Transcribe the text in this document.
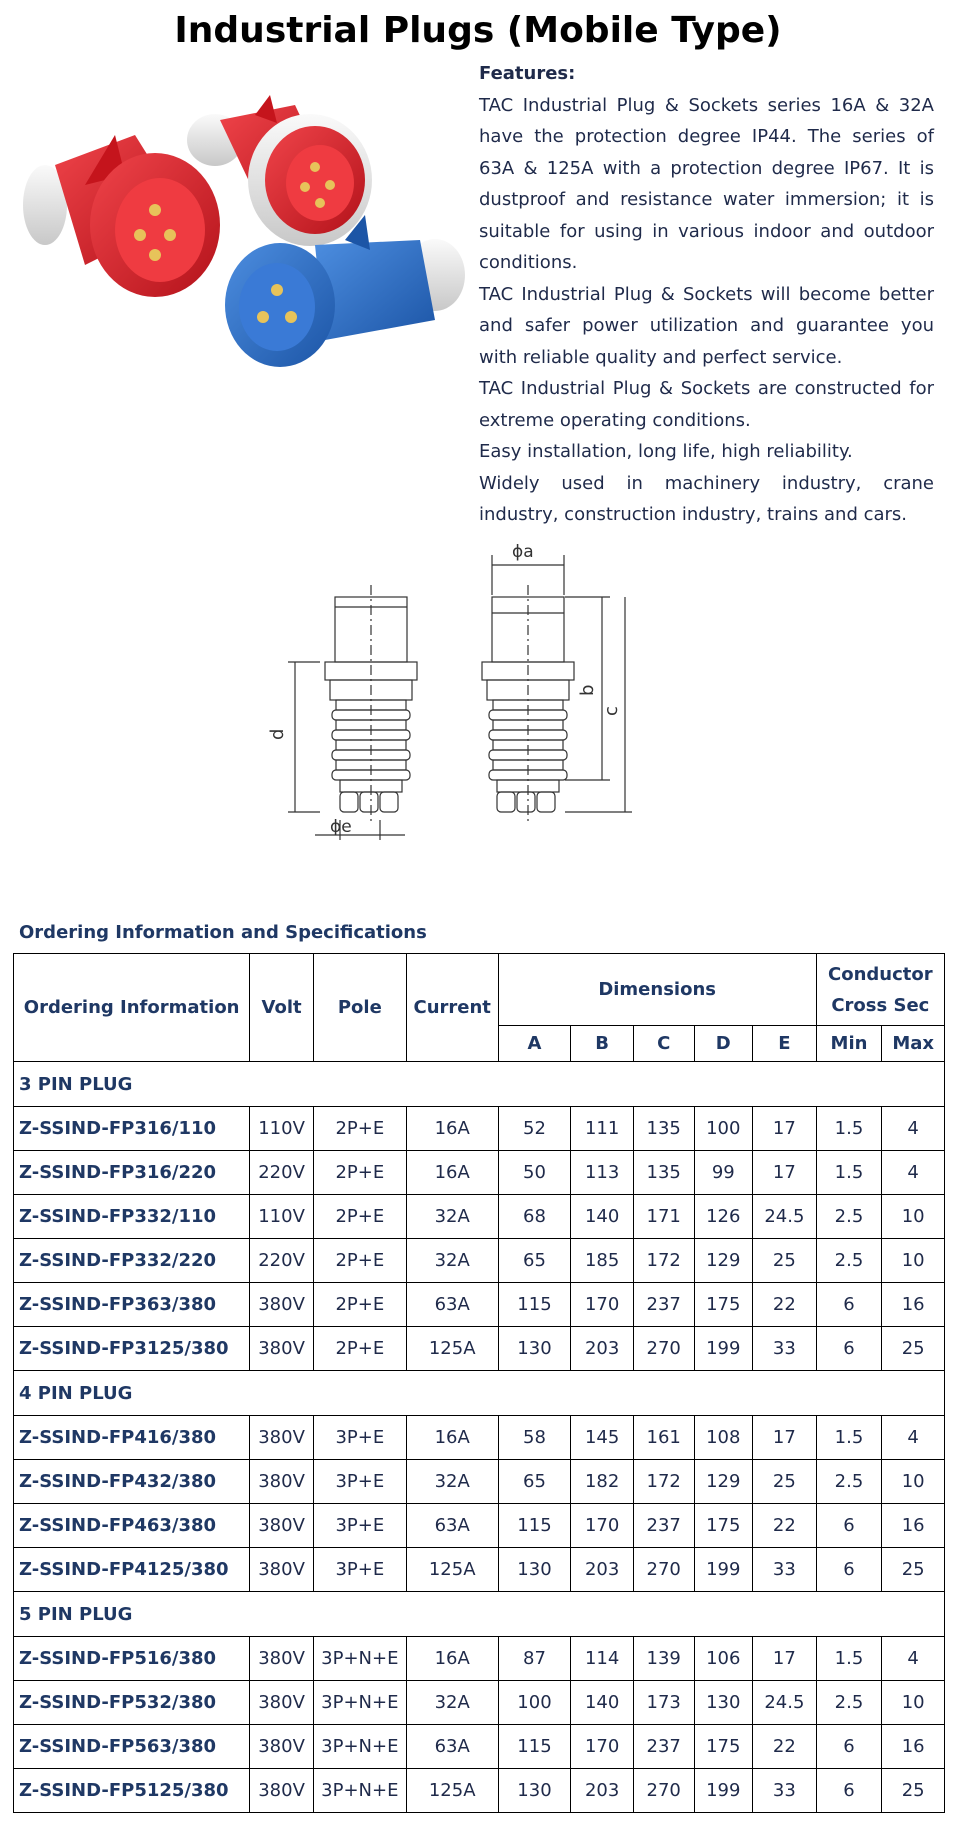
Industrial Plugs (Mobile Type)
Features:

TAC Industrial Plug & Sockets series 16A & 32A have the protection degree IP44. The series of 63A & 125A with a protection degree IP67. It is dustproof and resistance water immersion; it is suitable for using in various indoor and outdoor conditions.

TAC Industrial Plug & Sockets will become better and safer power utilization and guarantee you with reliable quality and perfect service.

TAC Industrial Plug & Sockets are constructed for extreme operating conditions.

Easy installation, long life, high reliability.

Widely used in machinery industry, crane industry, construction industry, trains and cars.

d
ϕe
ϕa
b
c
Ordering Information and Specifications
Ordering Information	Volt	Pole	Current	Dimensions					Conductor
Cross Sec	

				A	B	C	D	E	Min	Max
3 PIN PLUG										
Z-SSIND-FP316/110	110V	2P+E	16A	52	111	135	100	17	1.5	4
Z-SSIND-FP316/220	220V	2P+E	16A	50	113	135	99	17	1.5	4
Z-SSIND-FP332/110	110V	2P+E	32A	68	140	171	126	24.5	2.5	10
Z-SSIND-FP332/220	220V	2P+E	32A	65	185	172	129	25	2.5	10
Z-SSIND-FP363/380	380V	2P+E	63A	115	170	237	175	22	6	16
Z-SSIND-FP3125/380	380V	2P+E	125A	130	203	270	199	33	6	25
4 PIN PLUG										
Z-SSIND-FP416/380	380V	3P+E	16A	58	145	161	108	17	1.5	4
Z-SSIND-FP432/380	380V	3P+E	32A	65	182	172	129	25	2.5	10
Z-SSIND-FP463/380	380V	3P+E	63A	115	170	237	175	22	6	16
Z-SSIND-FP4125/380	380V	3P+E	125A	130	203	270	199	33	6	25
5 PIN PLUG										
Z-SSIND-FP516/380	380V	3P+N+E	16A	87	114	139	106	17	1.5	4
Z-SSIND-FP532/380	380V	3P+N+E	32A	100	140	173	130	24.5	2.5	10
Z-SSIND-FP563/380	380V	3P+N+E	63A	115	170	237	175	22	6	16
Z-SSIND-FP5125/380	380V	3P+N+E	125A	130	203	270	199	33	6	25
